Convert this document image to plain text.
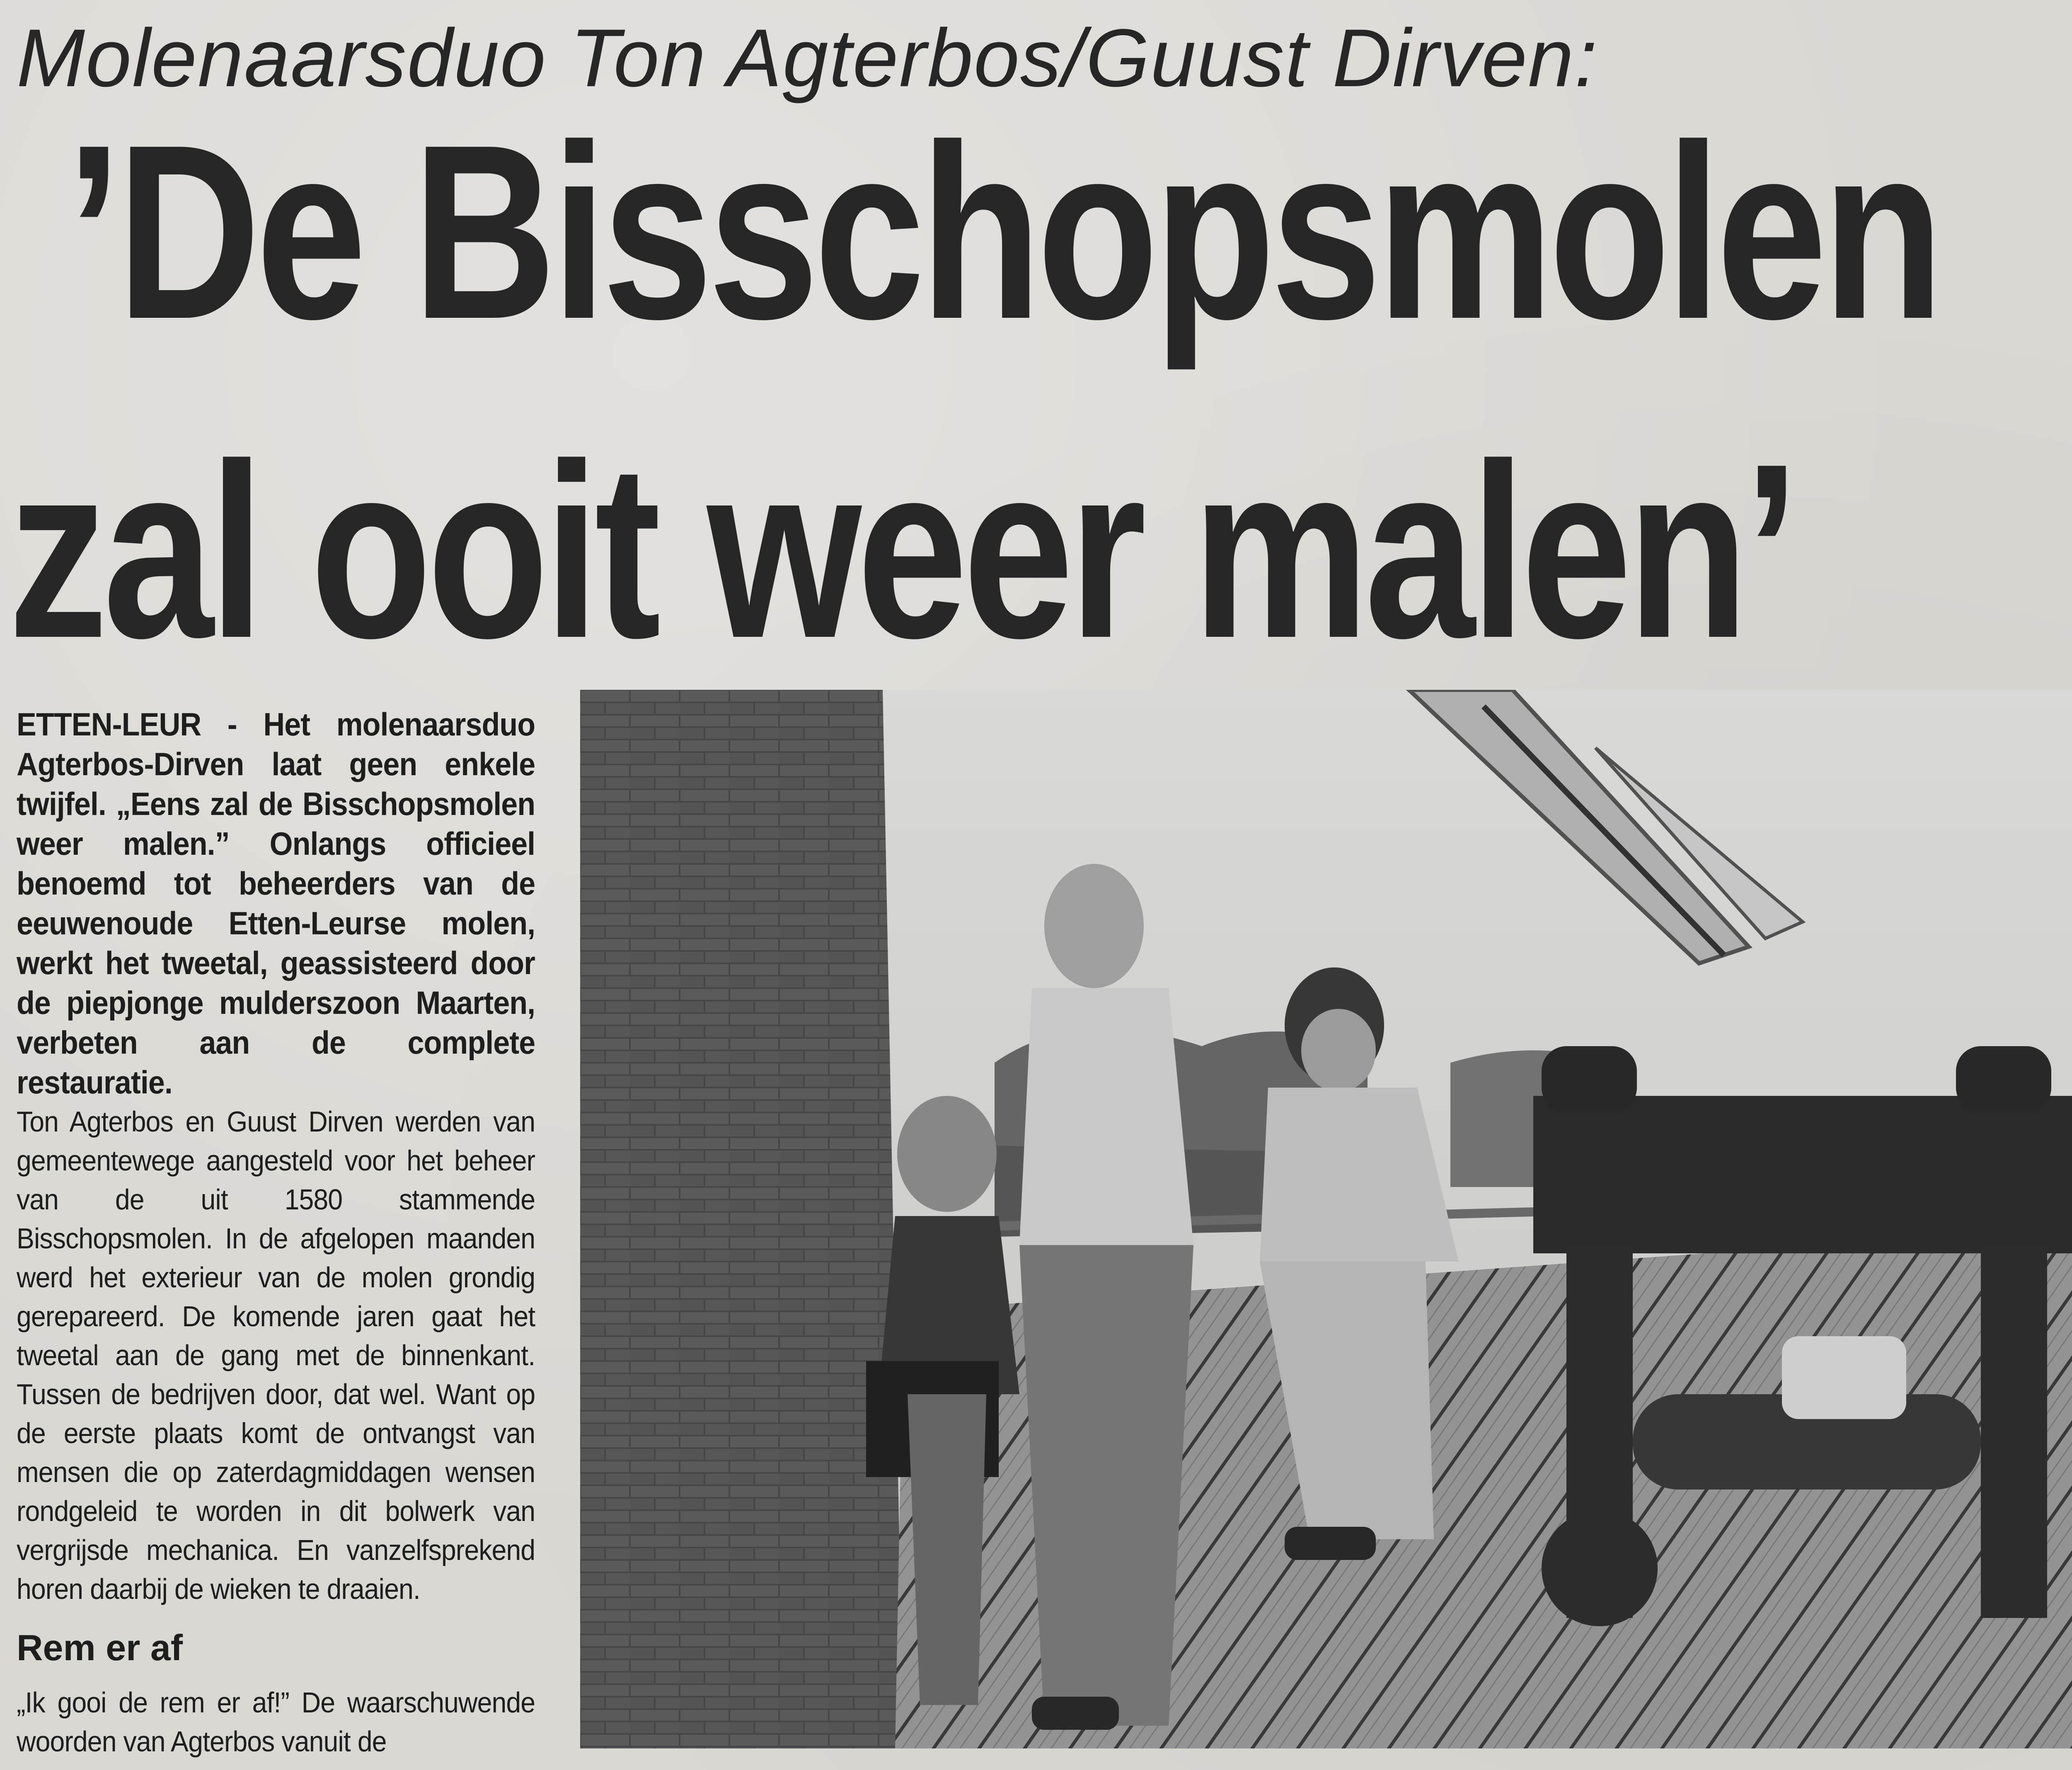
Molenaarsduo Ton Agterbos/Guust Dirven:
’De Bisschopsmolen
zal ooit weer malen’
ETTEN-LEUR - Het molenaarsduo Agterbos-Dirven laat geen enkele twijfel. „Eens zal de Bisschopsmolen weer malen.” Onlangs officieel benoemd tot beheerders van de eeuwenoude Etten-Leurse molen, werkt het tweetal, geassisteerd door de piepjonge mulderszoon Maarten, verbeten aan de complete restauratie.
Ton Agterbos en Guust Dirven werden van gemeentewege aangesteld voor het beheer van de uit 1580 stammende Bisschopsmolen. In de afgelopen maanden werd het exterieur van de molen grondig gerepareerd. De komende jaren gaat het tweetal aan de gang met de binnenkant. Tussen de bedrijven door, dat wel. Want op de eerste plaats komt de ontvangst van mensen die op zaterdagmiddagen wensen rondgeleid te worden in dit bolwerk van vergrijsde mechanica. En vanzelfsprekend horen daarbij de wieken te draaien.
Rem er af
„Ik gooi de rem er af!” De waarschuwende woorden van Agterbos vanuit de
